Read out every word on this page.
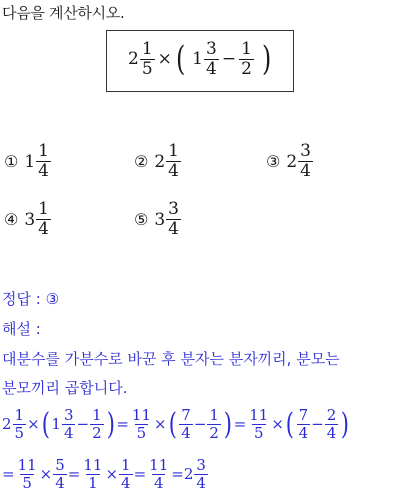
다음을 계산하시오.
$2 \frac{1}{5}$ × ( $1 \frac{3}{4} - \frac{1}{2}$ )
① $1 \frac{1}{4}$	② $2 \frac{1}{4}$	③ $2 \frac{3}{4}$
④ $3 \frac{1}{4}$	⑤ $3 \frac{3}{4}$
정답 : ③
해설 :
대분수를 가분수로 바꾼 후 분자는 분자끼리, 분모는
분모끼리 곱합니다.
$2 \frac{1}{5}$ × ( $1 \frac{3}{4} - \frac{1}{2}$ ) = $\frac{11}{5}$ × ( $\frac{7}{4} - \frac{1}{2}$ ) = $\frac{11}{5}$ × ( $\frac{7}{4} - \frac{2}{4}$ )
= $\frac{11}{5} \times \frac{5}{4} = \frac{11}{1} \times \frac{1}{4} = \frac{11}{4} = 2 \frac{3}{4}$
